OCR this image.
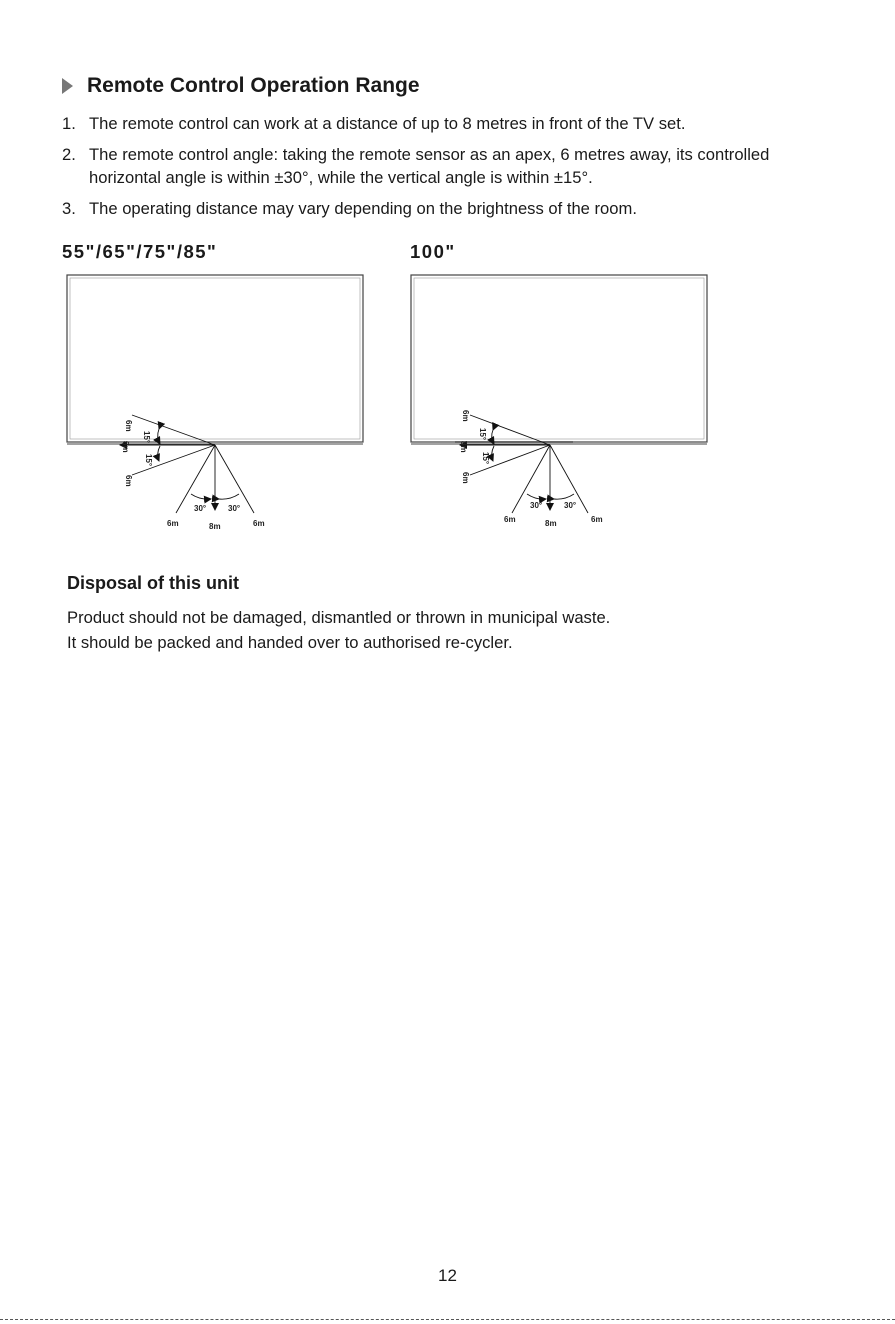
Remote Control Operation Range
1. The remote control can work at a distance of up to 8 metres in front of the TV set.
2. The remote control angle: taking the remote sensor as an apex, 6 metres away, its controlled horizontal angle is within ±30°, while the vertical angle is within ±15°.
3. The operating distance may vary depending on the brightness of the room.
55"/65"/75"/85"	100"
6m
15°
8m
15°
6m
30°	30°
6m	8m	6m
6m
15°
8m
15°
6m
30°	30°
6m	8m	6m
Disposal of this unit

Product should not be damaged, dismantled or thrown in municipal waste.

It should be packed and handed over to authorised re-cycler.

12
